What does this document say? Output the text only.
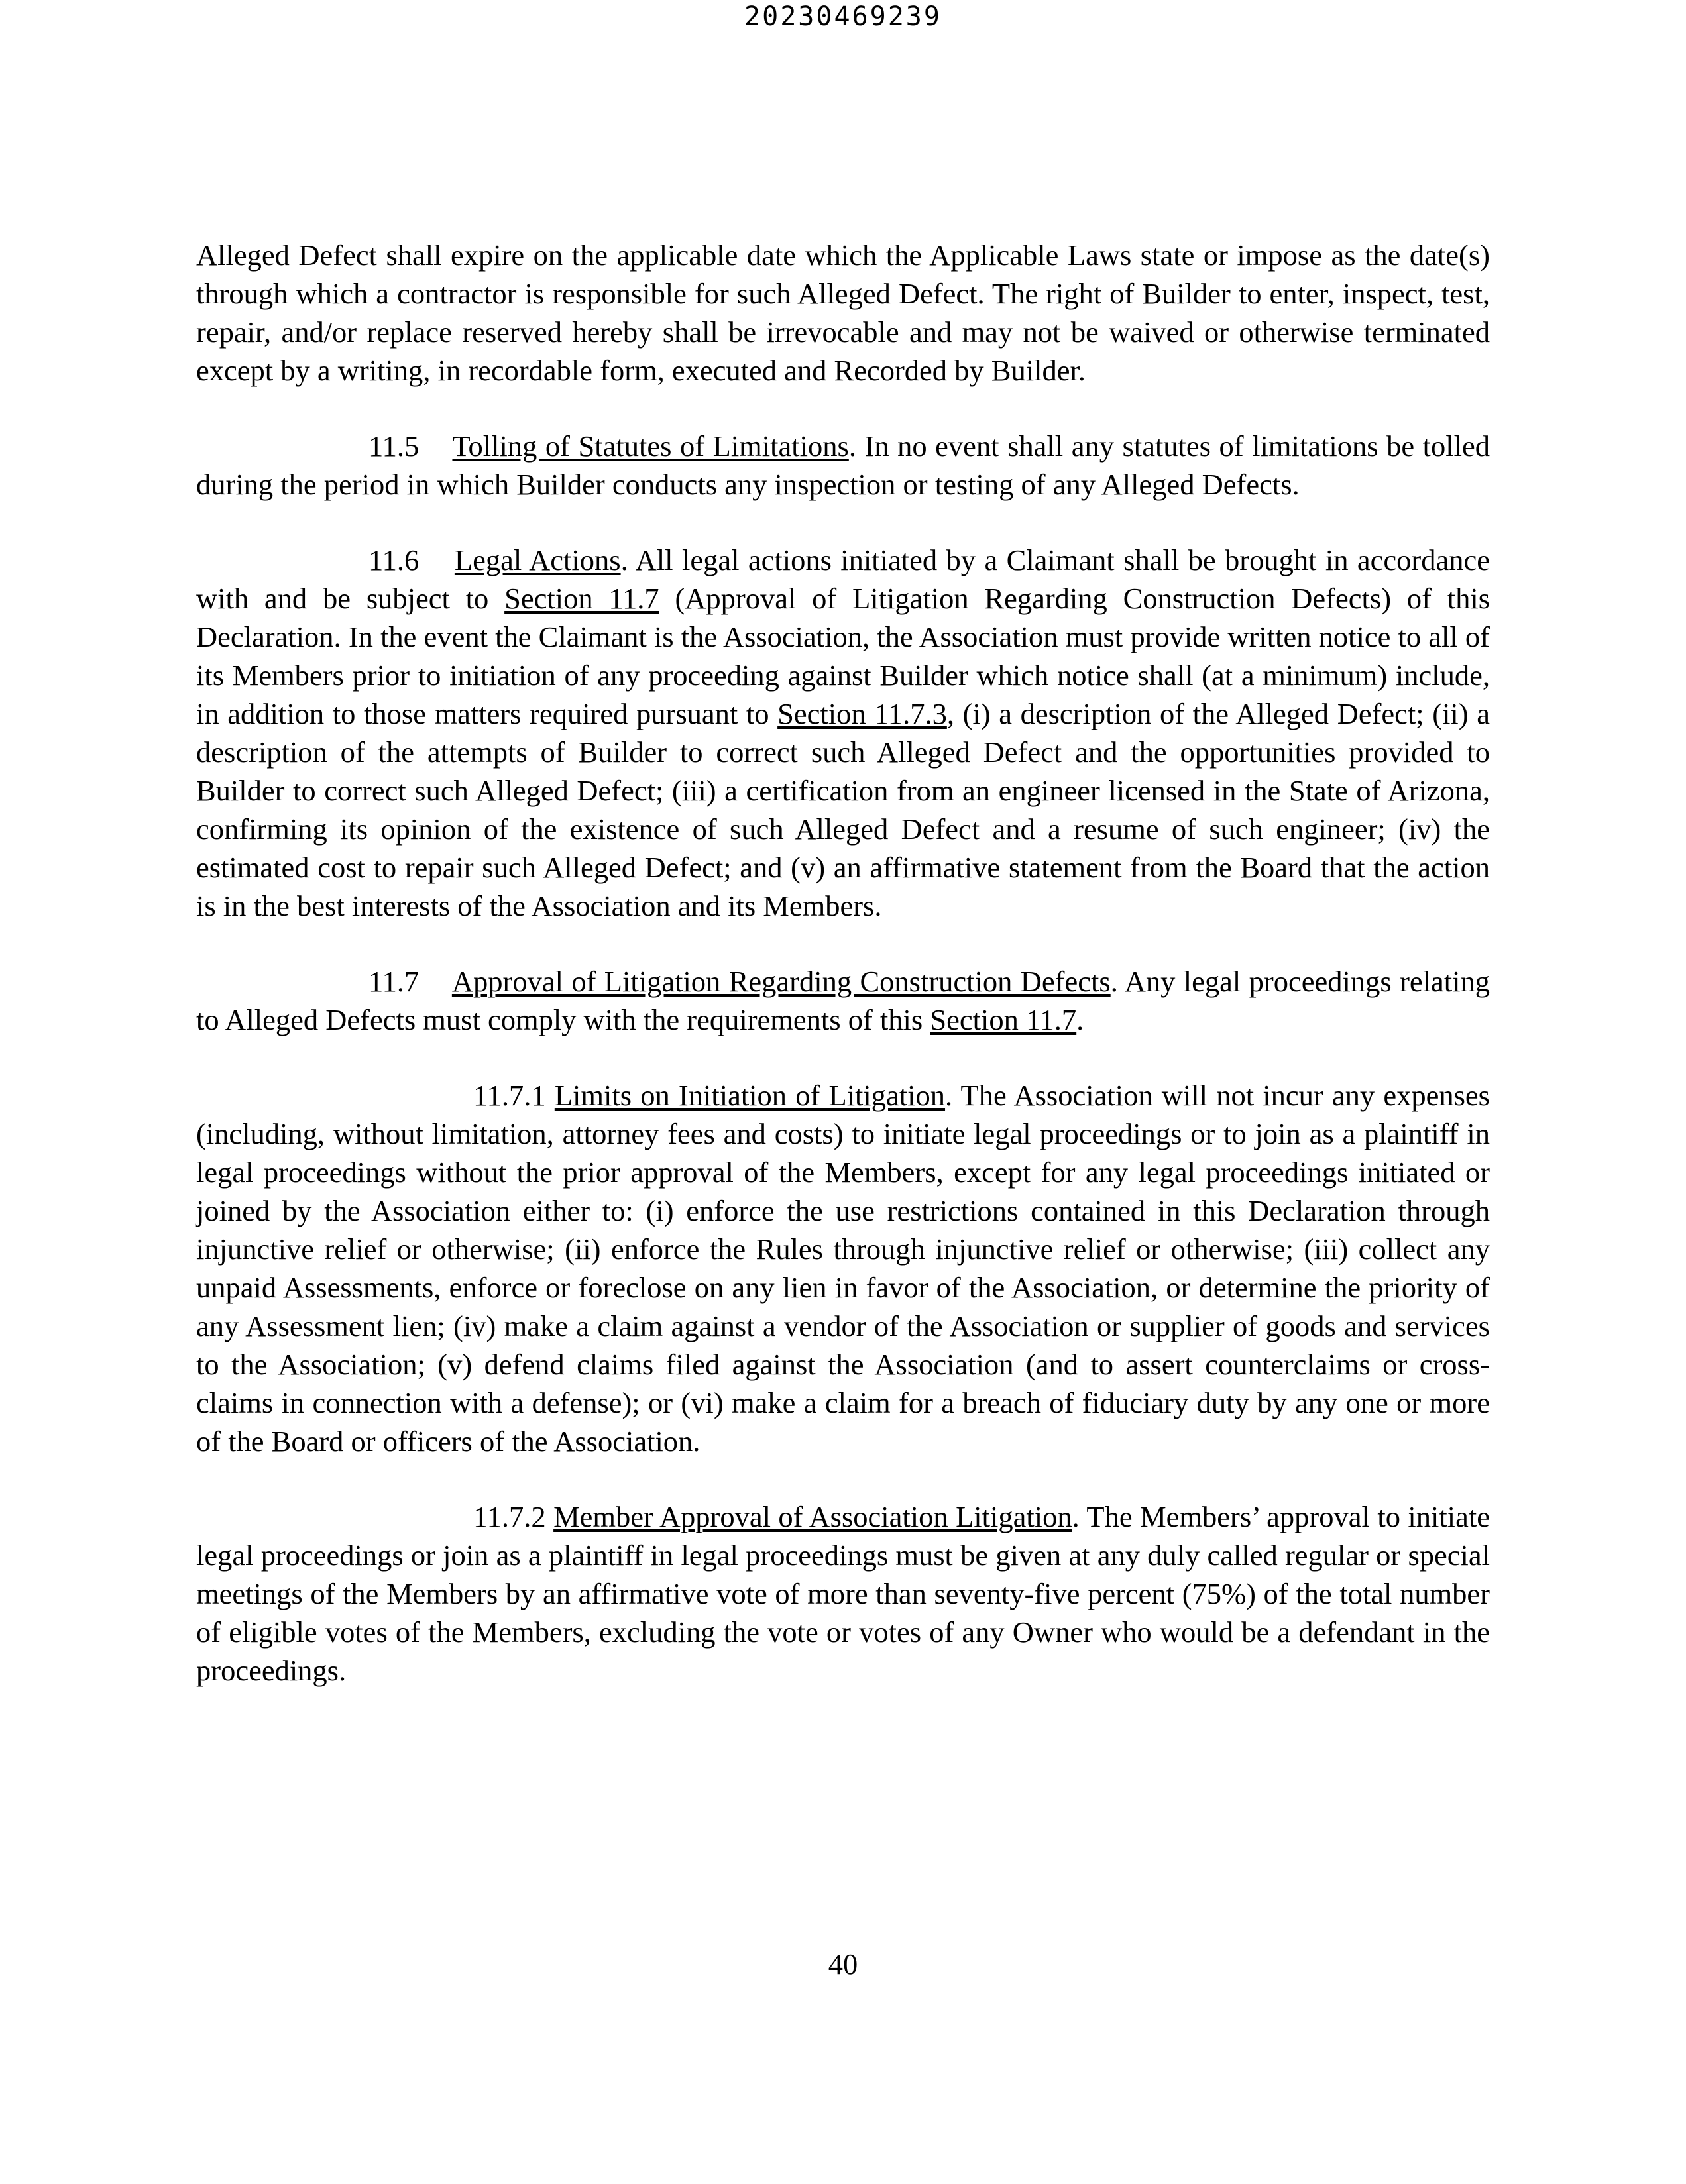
20230469239

Alleged Defect shall expire on the applicable date which the Applicable Laws state or impose as the date(s) through which a contractor is responsible for such Alleged Defect. The right of Builder to enter, inspect, test, repair, and/or replace reserved hereby shall be irrevocable and may not be waived or otherwise terminated except by a writing, in recordable form, executed and Recorded by Builder.

11.5 Tolling of Statutes of Limitations. In no event shall any statutes of limitations be tolled during the period in which Builder conducts any inspection or testing of any Alleged Defects.

11.6 Legal Actions. All legal actions initiated by a Claimant shall be brought in accordance with and be subject to Section 11.7 (Approval of Litigation Regarding Construction Defects) of this Declaration. In the event the Claimant is the Association, the Association must provide written notice to all of its Members prior to initiation of any proceeding against Builder which notice shall (at a minimum) include, in addition to those matters required pursuant to Section 11.7.3, (i) a description of the Alleged Defect; (ii) a description of the attempts of Builder to correct such Alleged Defect and the opportunities provided to Builder to correct such Alleged Defect; (iii) a certification from an engineer licensed in the State of Arizona, confirming its opinion of the existence of such Alleged Defect and a resume of such engineer; (iv) the estimated cost to repair such Alleged Defect; and (v) an affirmative statement from the Board that the action is in the best interests of the Association and its Members.

11.7 Approval of Litigation Regarding Construction Defects. Any legal proceedings relating to Alleged Defects must comply with the requirements of this Section 11.7.

11.7.1 Limits on Initiation of Litigation. The Association will not incur any expenses (including, without limitation, attorney fees and costs) to initiate legal proceedings or to join as a plaintiff in legal proceedings without the prior approval of the Members, except for any legal proceedings initiated or joined by the Association either to: (i) enforce the use restrictions contained in this Declaration through injunctive relief or otherwise; (ii) enforce the Rules through injunctive relief or otherwise; (iii) collect any unpaid Assessments, enforce or foreclose on any lien in favor of the Association, or determine the priority of any Assessment lien; (iv) make a claim against a vendor of the Association or supplier of goods and services to the Association; (v) defend claims filed against the Association (and to assert counterclaims or cross-claims in connection with a defense); or (vi) make a claim for a breach of fiduciary duty by any one or more of the Board or officers of the Association.

11.7.2 Member Approval of Association Litigation. The Members’ approval to initiate legal proceedings or join as a plaintiff in legal proceedings must be given at any duly called regular or special meetings of the Members by an affirmative vote of more than seventy-five percent (75%) of the total number of eligible votes of the Members, excluding the vote or votes of any Owner who would be a defendant in the proceedings.

40
